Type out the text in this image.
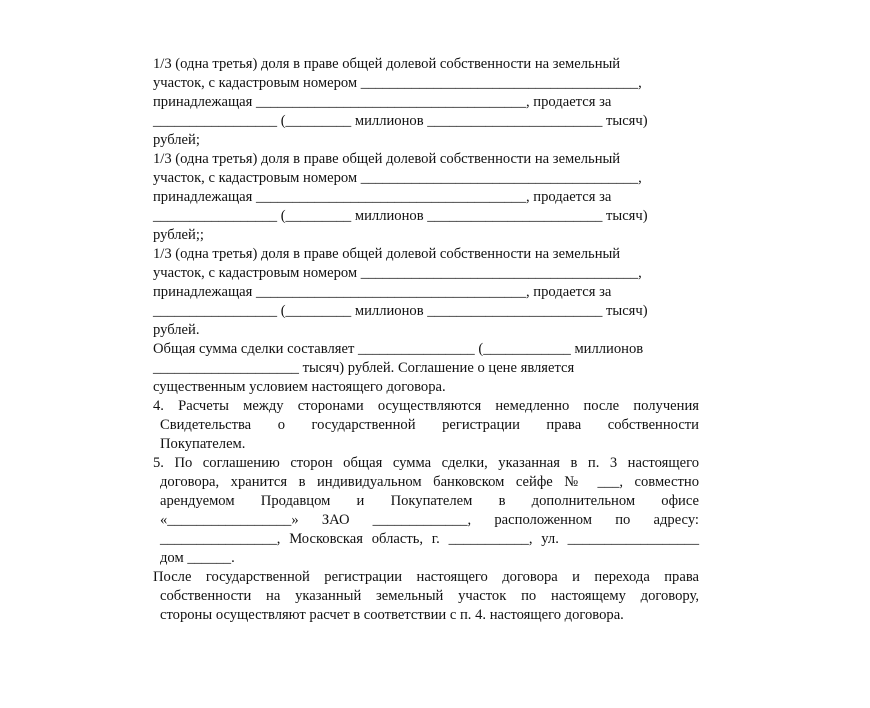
1/3 (одна третья) доля в праве общей долевой собственности на земельный
участок, с кадастровым номером ______________________________________,
принадлежащая _____________________________________, продается за
_________________ (_________ миллионов ________________________ тысяч)
рублей;
1/3 (одна третья) доля в праве общей долевой собственности на земельный
участок, с кадастровым номером ______________________________________,
принадлежащая _____________________________________, продается за
_________________ (_________ миллионов ________________________ тысяч)
рублей;;
1/3 (одна третья) доля в праве общей долевой собственности на земельный
участок, с кадастровым номером ______________________________________,
принадлежащая _____________________________________, продается за
_________________ (_________ миллионов ________________________ тысяч)
рублей.
Общая сумма сделки составляет ________________ (____________ миллионов
____________________ тысяч) рублей. Соглашение о цене является
существенным условием настоящего договора.
4. Расчеты между сторонами осуществляются немедленно после получения
Свидетельства о государственной регистрации права собственности
Покупателем.
5. По соглашению сторон общая сумма сделки, указанная в п. 3 настоящего
договора, хранится в индивидуальном банковском сейфе № ___, совместно
арендуемом Продавцом и Покупателем в дополнительном офисе
«_________________» ЗАО _____________, расположенном по адресу:
________________, Московская область, г. ___________, ул. __________________
дом ______.
После государственной регистрации настоящего договора и перехода права
собственности на указанный земельный участок по настоящему договору,
стороны осуществляют расчет в соответствии с п. 4. настоящего договора.
